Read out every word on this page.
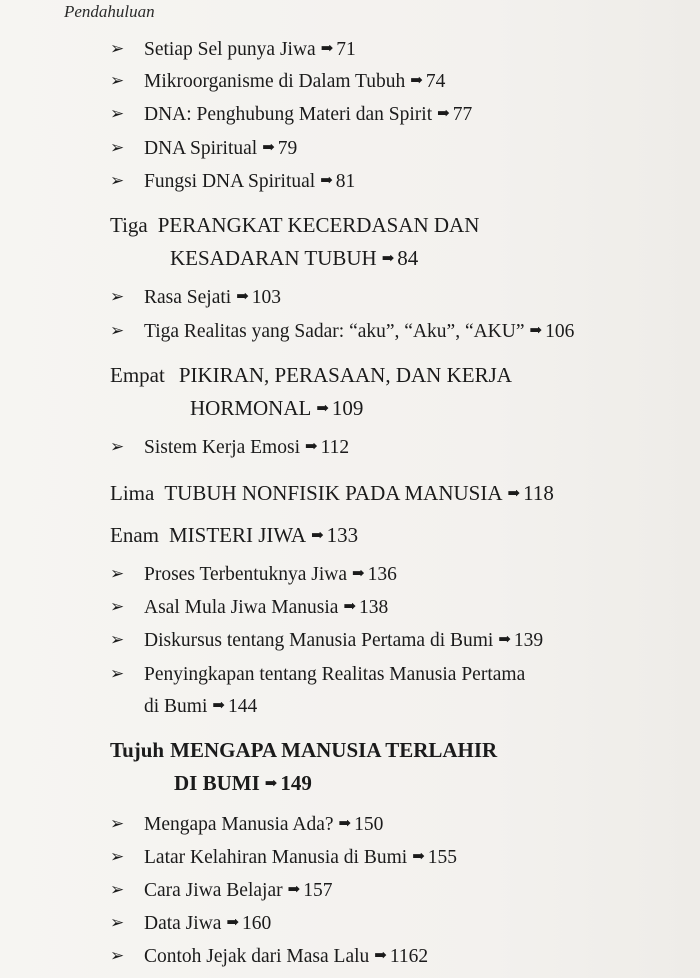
Pendahuluan
➢ Setiap Sel punya Jiwa ➡ 71
➢ Mikroorganisme di Dalam Tubuh ➡ 74
➢ DNA: Penghubung Materi dan Spirit ➡ 77
➢ DNA Spiritual ➡ 79
➢ Fungsi DNA Spiritual ➡ 81
Tiga PERANGKAT KECERDASAN DAN
KESADARAN TUBUH ➡ 84
➢ Rasa Sejati ➡ 103
➢ Tiga Realitas yang Sadar: “aku”, “Aku”, “AKU” ➡ 106
Empat PIKIRAN, PERASAAN, DAN KERJA
HORMONAL ➡ 109
➢ Sistem Kerja Emosi ➡ 112
Lima TUBUH NONFISIK PADA MANUSIA ➡ 118
Enam MISTERI JIWA ➡ 133
➢ Proses Terbentuknya Jiwa ➡ 136
➢ Asal Mula Jiwa Manusia ➡ 138
➢ Diskursus tentang Manusia Pertama di Bumi ➡ 139
➢ Penyingkapan tentang Realitas Manusia Pertama
di Bumi ➡ 144
Tujuh MENGAPA MANUSIA TERLAHIR
DI BUMI ➡ 149
➢ Mengapa Manusia Ada? ➡ 150
➢ Latar Kelahiran Manusia di Bumi ➡ 155
➢ Cara Jiwa Belajar ➡ 157
➢ Data Jiwa ➡ 160
➢ Contoh Jejak dari Masa Lalu ➡ 1162
